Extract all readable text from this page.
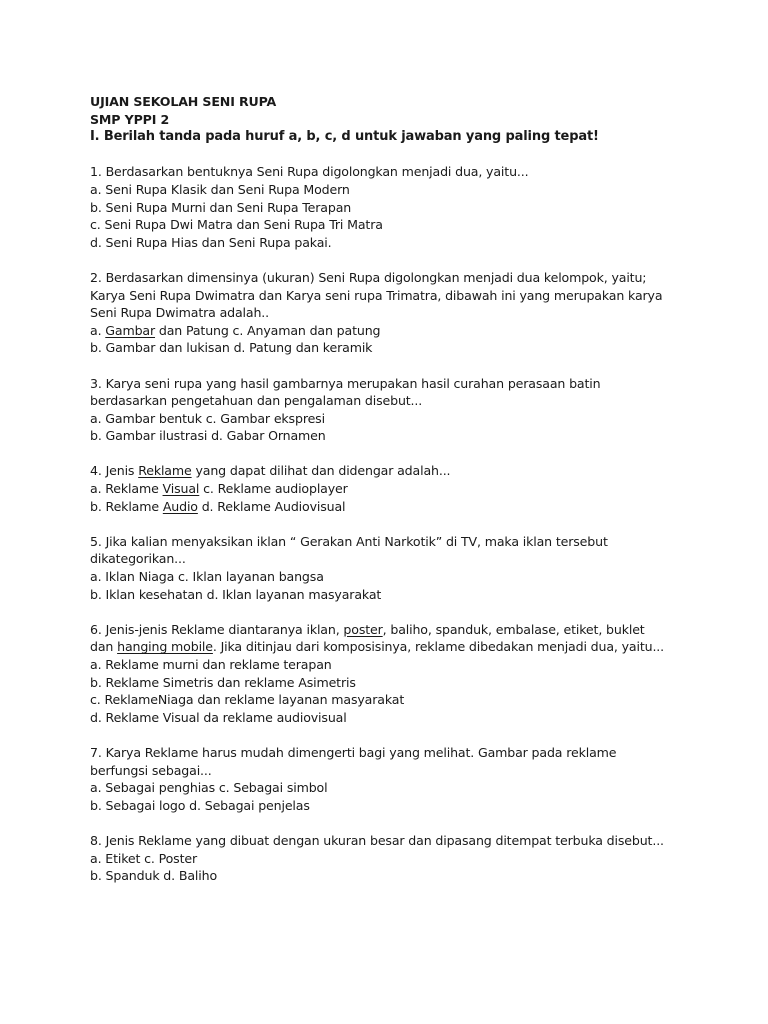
UJIAN SEKOLAH SENI RUPA

SMP YPPI 2

I. Berilah tanda pada huruf a, b, c, d untuk jawaban yang paling tepat!

1. Berdasarkan bentuknya Seni Rupa digolongkan menjadi dua, yaitu...

a. Seni Rupa Klasik dan Seni Rupa Modern

b. Seni Rupa Murni dan Seni Rupa Terapan

c. Seni Rupa Dwi Matra dan Seni Rupa Tri Matra

d. Seni Rupa Hias dan Seni Rupa pakai.

2. Berdasarkan dimensinya (ukuran) Seni Rupa digolongkan menjadi dua kelompok, yaitu;

Karya Seni Rupa Dwimatra dan Karya seni rupa Trimatra, dibawah ini yang merupakan karya

Seni Rupa Dwimatra adalah..

a. Gambar dan Patung c. Anyaman dan patung

b. Gambar dan lukisan d. Patung dan keramik

3. Karya seni rupa yang hasil gambarnya merupakan hasil curahan perasaan batin

berdasarkan pengetahuan dan pengalaman disebut...

a. Gambar bentuk c. Gambar ekspresi

b. Gambar ilustrasi d. Gabar Ornamen

4. Jenis Reklame yang dapat dilihat dan didengar adalah...

a. Reklame Visual c. Reklame audioplayer

b. Reklame Audio d. Reklame Audiovisual

5. Jika kalian menyaksikan iklan “ Gerakan Anti Narkotik” di TV, maka iklan tersebut

dikategorikan...

a. Iklan Niaga c. Iklan layanan bangsa

b. Iklan kesehatan d. Iklan layanan masyarakat

6. Jenis-jenis Reklame diantaranya iklan, poster, baliho, spanduk, embalase, etiket, buklet

dan hanging mobile. Jika ditinjau dari komposisinya, reklame dibedakan menjadi dua, yaitu...

a. Reklame murni dan reklame terapan

b. Reklame Simetris dan reklame Asimetris

c. ReklameNiaga dan reklame layanan masyarakat

d. Reklame Visual da reklame audiovisual

7. Karya Reklame harus mudah dimengerti bagi yang melihat. Gambar pada reklame

berfungsi sebagai...

a. Sebagai penghias c. Sebagai simbol

b. Sebagai logo d. Sebagai penjelas

8. Jenis Reklame yang dibuat dengan ukuran besar dan dipasang ditempat terbuka disebut...

a. Etiket c. Poster

b. Spanduk d. Baliho
